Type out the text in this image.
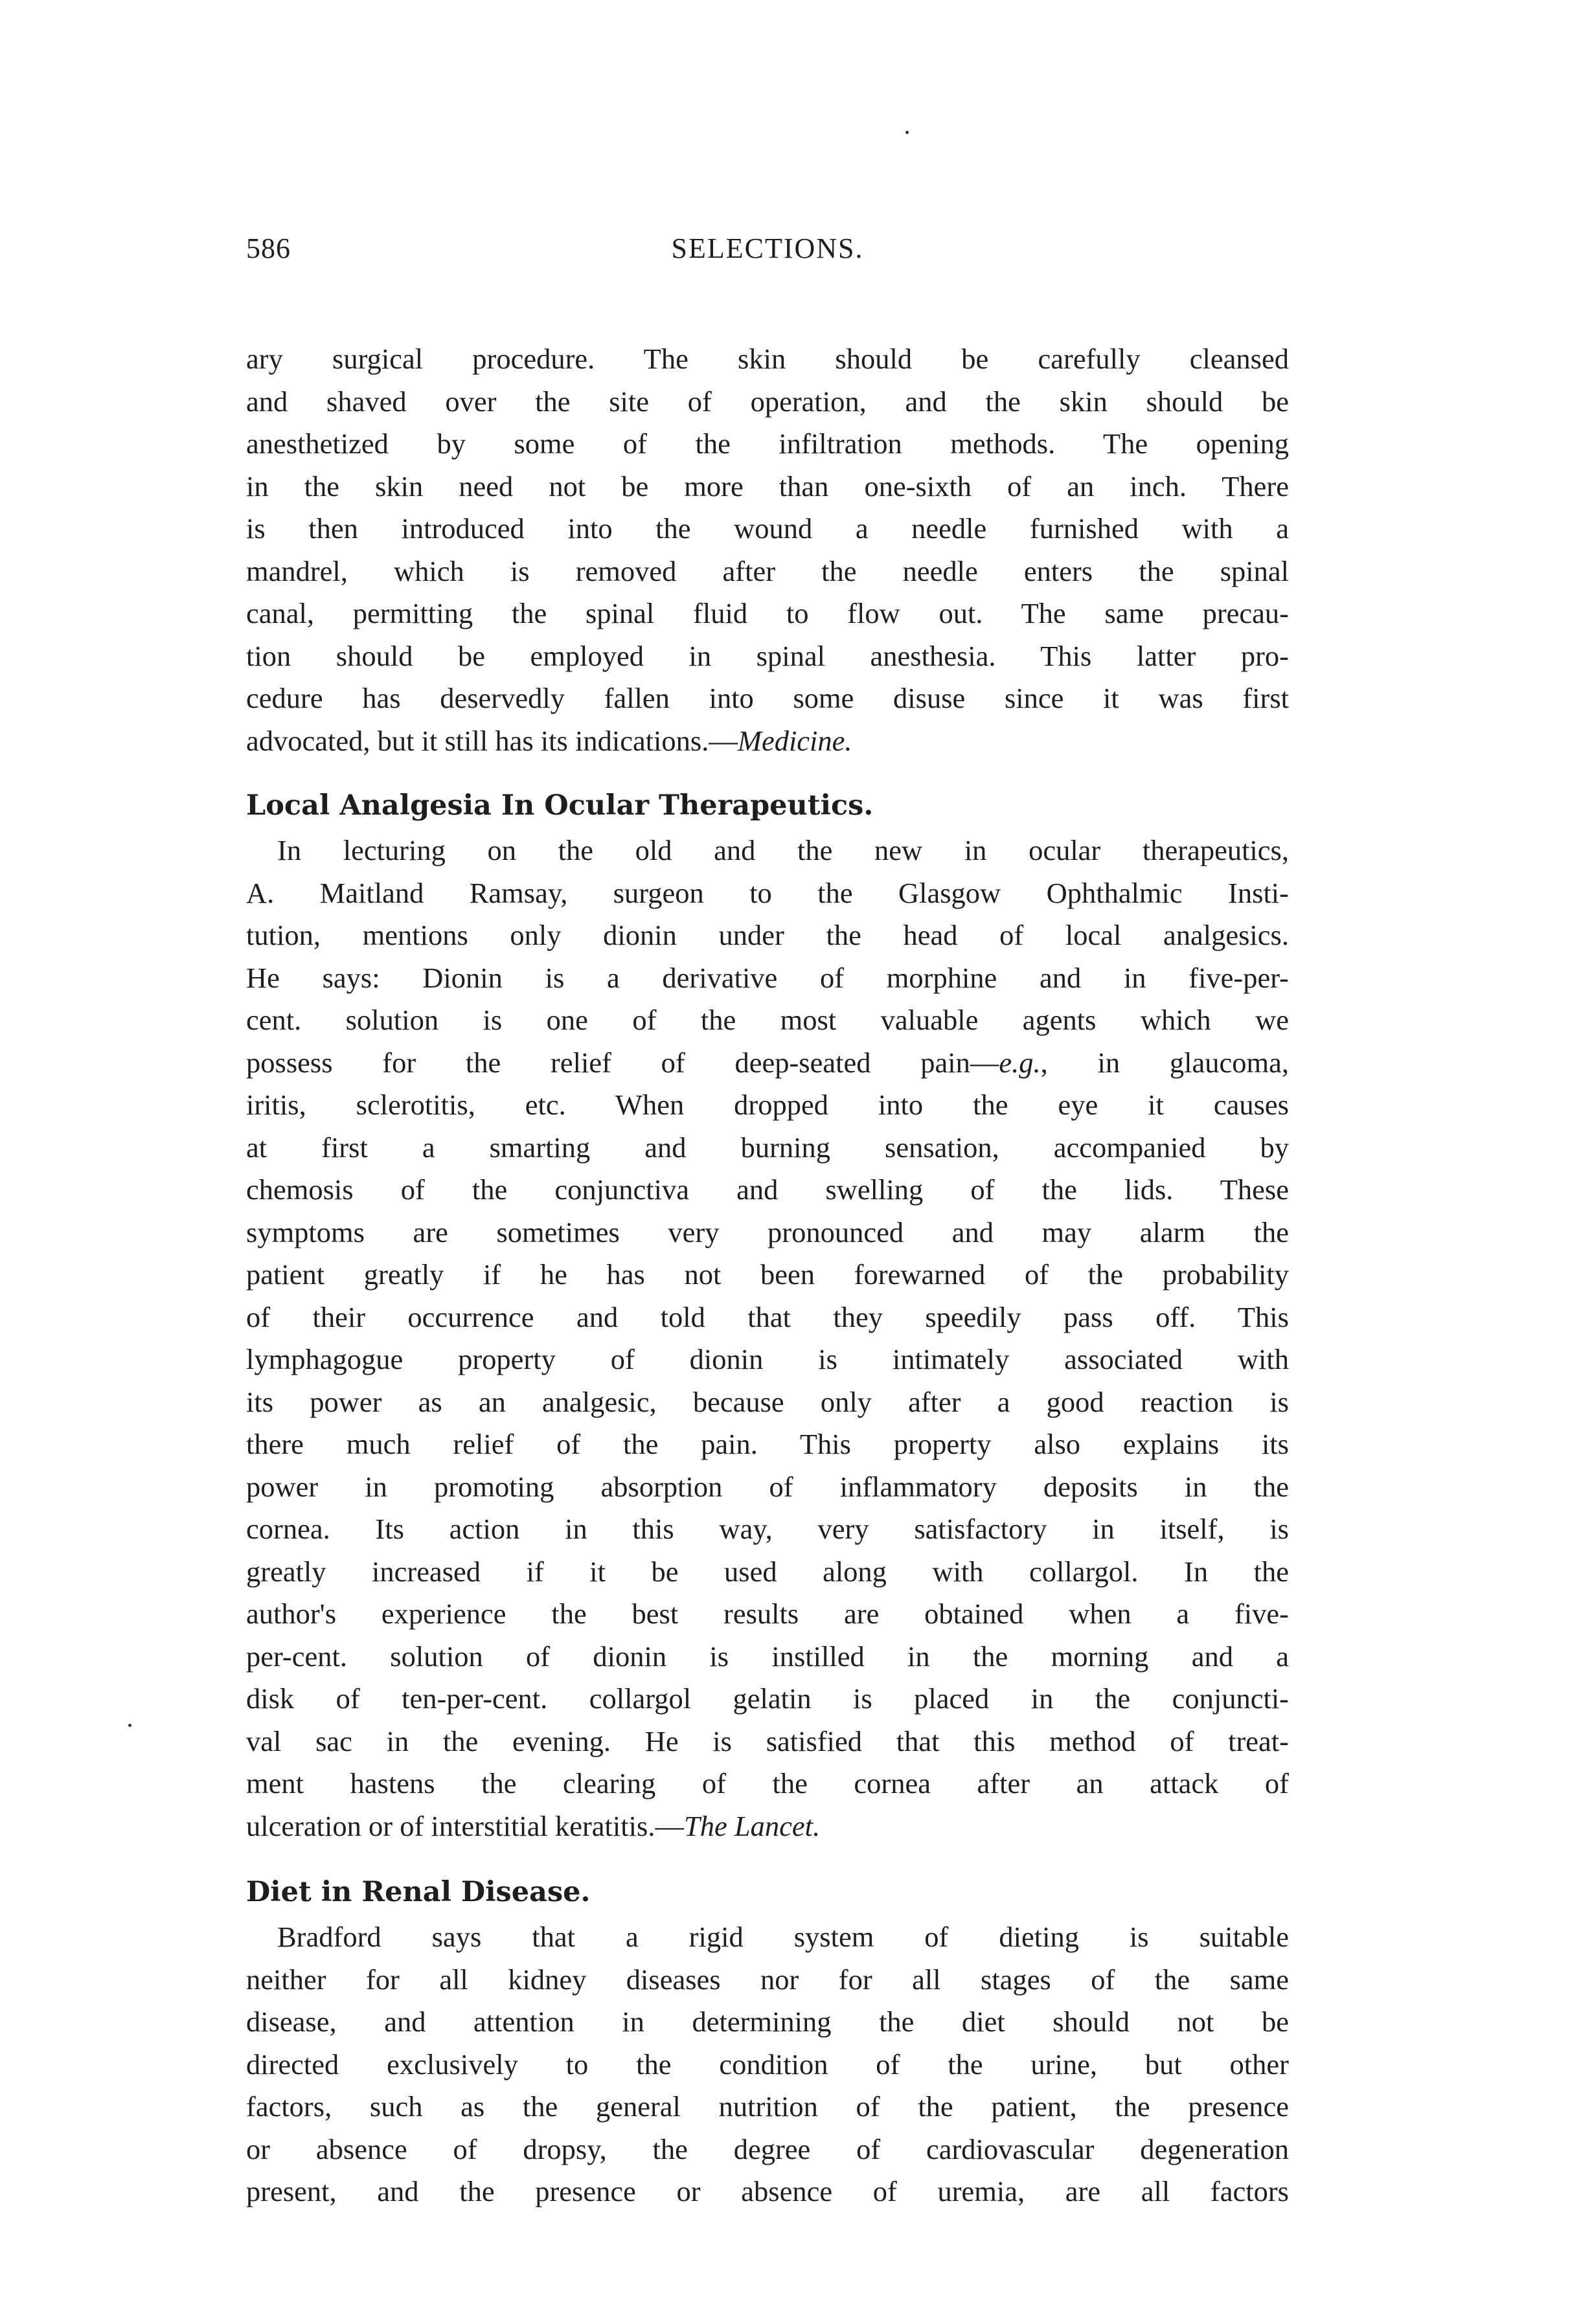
586	SELECTIONS.
ary surgical procedure. The skin should be carefully cleansed
and shaved over the site of operation, and the skin should be
anesthetized by some of the infiltration methods. The opening
in the skin need not be more than one-sixth of an inch. There
is then introduced into the wound a needle furnished with a
mandrel, which is removed after the needle enters the spinal
canal, permitting the spinal fluid to flow out. The same precau-
tion should be employed in spinal anesthesia. This latter pro-
cedure has deservedly fallen into some disuse since it was first
advocated, but it still has its indications.—Medicine.
Local Analgesia In Ocular Therapeutics.
In lecturing on the old and the new in ocular therapeutics,
A. Maitland Ramsay, surgeon to the Glasgow Ophthalmic Insti-
tution, mentions only dionin under the head of local analgesics.
He says: Dionin is a derivative of morphine and in five-per-
cent. solution is one of the most valuable agents which we
possess for the relief of deep-seated pain—e.g., in glaucoma,
iritis, sclerotitis, etc. When dropped into the eye it causes
at first a smarting and burning sensation, accompanied by
chemosis of the conjunctiva and swelling of the lids. These
symptoms are sometimes very pronounced and may alarm the
patient greatly if he has not been forewarned of the probability
of their occurrence and told that they speedily pass off. This
lymphagogue property of dionin is intimately associated with
its power as an analgesic, because only after a good reaction is
there much relief of the pain. This property also explains its
power in promoting absorption of inflammatory deposits in the
cornea. Its action in this way, very satisfactory in itself, is
greatly increased if it be used along with collargol. In the
author's experience the best results are obtained when a five-
per-cent. solution of dionin is instilled in the morning and a
disk of ten-per-cent. collargol gelatin is placed in the conjuncti-
val sac in the evening. He is satisfied that this method of treat-
ment hastens the clearing of the cornea after an attack of
ulceration or of interstitial keratitis.—The Lancet.
Diet in Renal Disease.
Bradford says that a rigid system of dieting is suitable
neither for all kidney diseases nor for all stages of the same
disease, and attention in determining the diet should not be
directed exclusively to the condition of the urine, but other
factors, such as the general nutrition of the patient, the presence
or absence of dropsy, the degree of cardiovascular degeneration
present, and the presence or absence of uremia, are all factors
